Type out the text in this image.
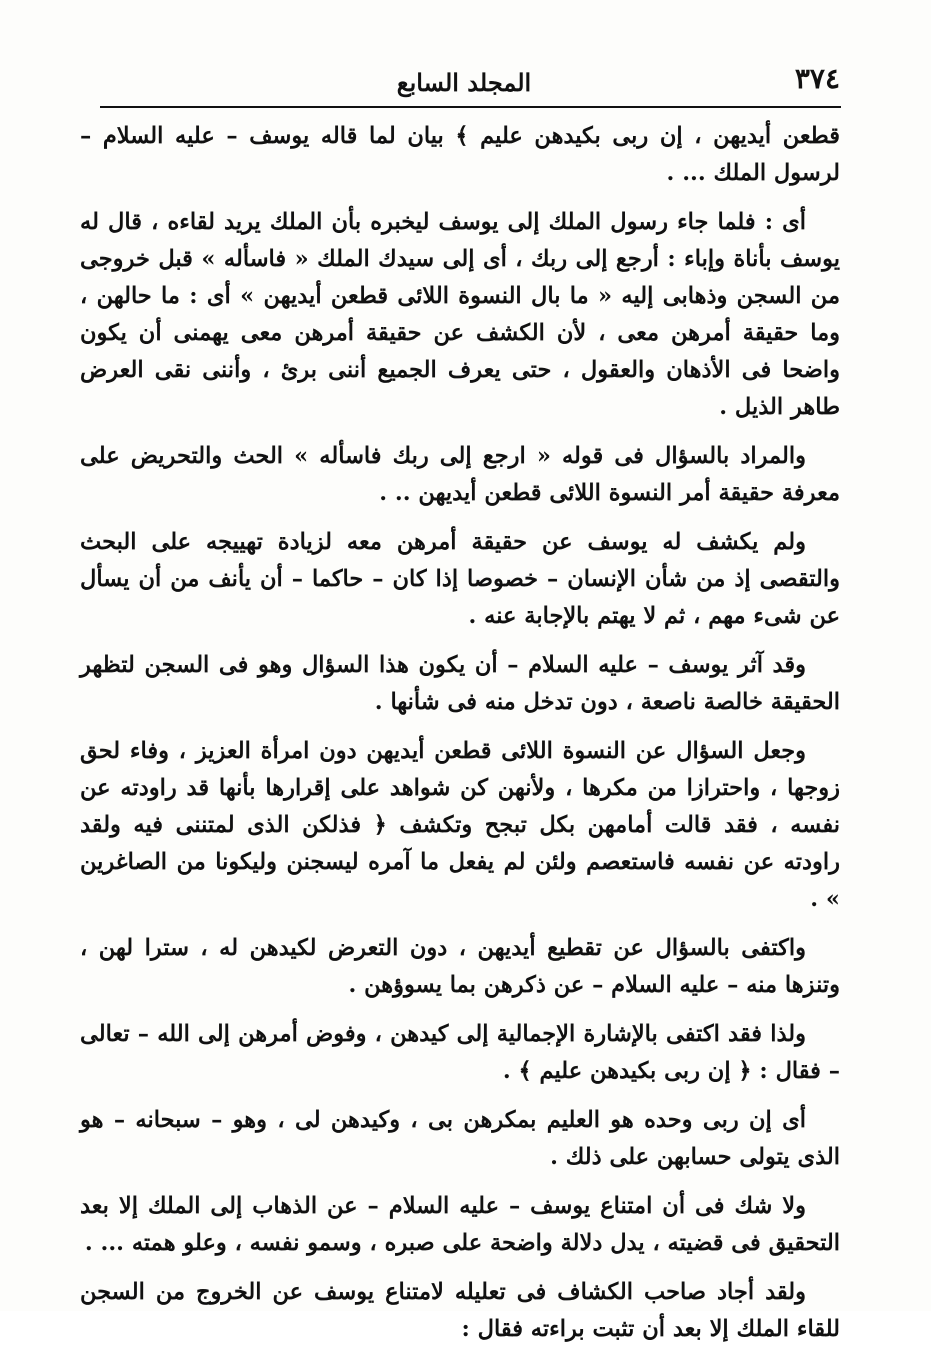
٣٧٤
المجلد السابع

قطعن أيديهن ، إن ربى بكيدهن عليم ﴾ بيان لما قاله يوسف – عليه السلام – لرسول الملك ... .

أى : فلما جاء رسول الملك إلى يوسف ليخبره بأن الملك يريد لقاءه ، قال له يوسف بأناة وإباء : أرجع إلى ربك ، أى إلى سيدك الملك « فاسأله » قبل خروجى من السجن وذهابى إليه « ما بال النسوة اللائى قطعن أيديهن » أى : ما حالهن ، وما حقيقة أمرهن معى ، لأن الكشف عن حقيقة أمرهن معى يهمنى أن يكون واضحا فى الأذهان والعقول ، حتى يعرف الجميع أننى برئ ، وأننى نقى العرض طاهر الذيل .

والمراد بالسؤال فى قوله « ارجع إلى ربك فاسأله » الحث والتحريض على معرفة حقيقة أمر النسوة اللائى قطعن أيديهن .. .

ولم يكشف له يوسف عن حقيقة أمرهن معه لزيادة تهييجه على البحث والتقصى إذ من شأن الإنسان – خصوصا إذا كان – حاكما – أن يأنف من أن يسأل عن شىء مهم ، ثم لا يهتم بالإجابة عنه .

وقد آثر يوسف – عليه السلام – أن يكون هذا السؤال وهو فى السجن لتظهر الحقيقة خالصة ناصعة ، دون تدخل منه فى شأنها .

وجعل السؤال عن النسوة اللائى قطعن أيديهن دون امرأة العزيز ، وفاء لحق زوجها ، واحترازا من مكرها ، ولأنهن كن شواهد على إقرارها بأنها قد راودته عن نفسه ، فقد قالت أمامهن بكل تبجح وتكشف ﴿ فذلكن الذى لمتننى فيه ولقد راودته عن نفسه فاستعصم ولئن لم يفعل ما آمره ليسجنن وليكونا من الصاغرين » .

واكتفى بالسؤال عن تقطيع أيديهن ، دون التعرض لكيدهن له ، سترا لهن ، وتنزها منه – عليه السلام – عن ذكرهن بما يسوؤهن .

ولذا فقد اكتفى بالإشارة الإجمالية إلى كيدهن ، وفوض أمرهن إلى الله – تعالى – فقال : ﴿ إن ربى بكيدهن عليم ﴾ .

أى إن ربى وحده هو العليم بمكرهن بى ، وكيدهن لى ، وهو – سبحانه – هو الذى يتولى حسابهن على ذلك .

ولا شك فى أن امتناع يوسف – عليه السلام – عن الذهاب إلى الملك إلا بعد التحقيق فى قضيته ، يدل دلالة واضحة على صبره ، وسمو نفسه ، وعلو همته ... .

ولقد أجاد صاحب الكشاف فى تعليله لامتناع يوسف عن الخروج من السجن للقاء الملك إلا بعد أن تثبت براءته فقال :
